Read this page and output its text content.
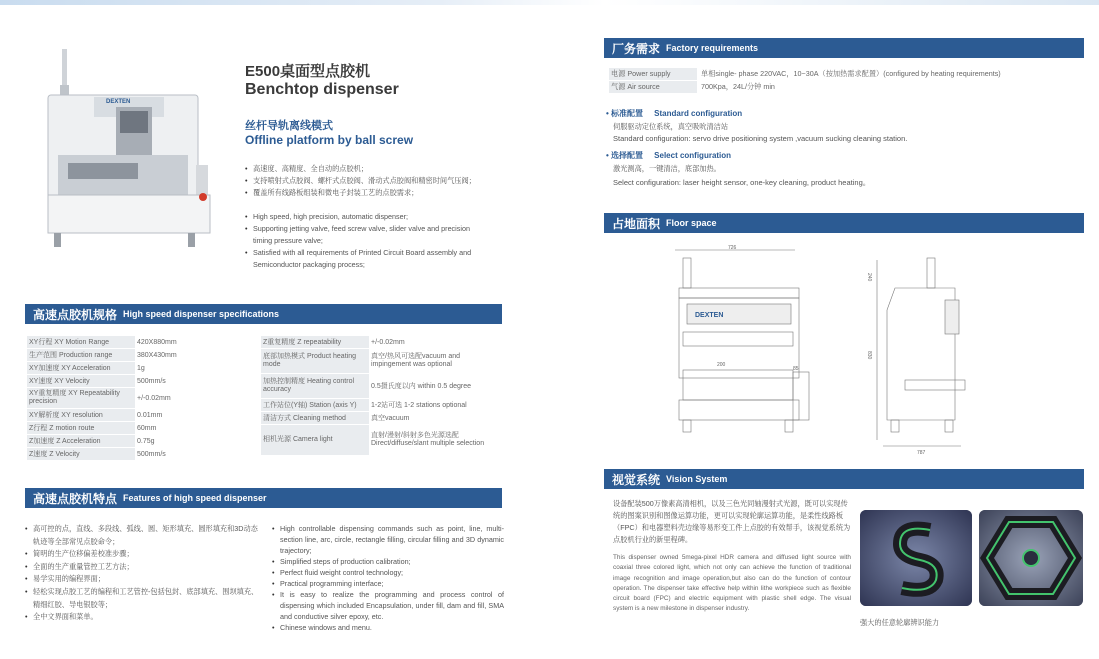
DEXTEN
E500桌面型点胶机
Benchtop dispenser
丝杆导轨离线模式
Offline platform by ball screw
• 高速度、高精度、全自动的点胶机；
• 支持喷射式点胶阀、螺杆式点胶阀、滑动式点胶阀和精密时间气压阀；
• 覆盖所有线路板组装和微电子封装工艺的点胶需求；
• High speed, high precision, automatic dispenser;
• Supporting jetting valve, feed screw valve, slider valve and precision timing pressure valve;
• Satisfied with all requirements of Printed Circuit Board assembly and Semiconductor packaging process;
高速点胶机规格 High speed dispenser specifications
XY行程 XY Motion Range	420X880mm
生产范围 Production range	380X430mm
XY加速度 XY Acceleration	1g
XY速度 XY Velocity	500mm/s
XY重复精度 XY Repeatability precision	+/-0.02mm
XY解析度 XY resolution	0.01mm
Z行程 Z motion route	60mm
Z加速度 Z Acceleration	0.75g
Z速度 Z Velocity	500mm/s
Z重复精度 Z repeatability	+/-0.02mm
底部加热模式 Product heating mode	真空/热风可选配vacuum and impingement was optional
加热控制精度 Heating control accuracy	0.5摄氏度以内 within 0.5 degree
工作站位(Y轴) Station (axis Y)	1-2站可选 1-2 stations optional
清洁方式 Cleaning method	真空vacuum
相机光源 Camera light	直射/漫射/斜射多色光源选配 Direct/diffuse/slant multiple selection
高速点胶机特点 Features of high speed dispenser
• 高可控的点，直线、多段线、弧线、圆、矩形填充、圆形填充和3D动态轨迹等全部常见点胶命令；
• 简明的生产位移偏差校准步骤；
• 全面的生产重量管控工艺方法；
• 易学实用的编程界面；
• 轻松实现点胶工艺的编程和工艺管控-包括包封、底部填充、围坝填充、精细红胶、导电银胶等；
• 全中文界面和菜单。
• High controllable dispensing commands such as point, line, multi-section line, arc, circle, rectangle filling, circular filling and 3D dynamic trajectory;
• Simplified steps of production calibration;
• Perfect fluid weight control technology;
• Practical programming interface;
• It is easy to realize the programming and process control of dispensing which included Encapsulation, under fill, dam and fill, SMA and conductive silver epoxy, etc.
• Chinese windows and menu.
厂务需求 Factory requirements
电源 Power supply	单相single- phase 220VAC，10~30A（按加热需求配置）(configured by heating requirements)
气源 Air source	700Kpa，24L/分钟 min
• 标准配置 Standard configuration
伺服驱动定位系统，真空吸吮清洁站
Standard configuration: servo drive positioning system ,vacuum sucking cleaning station.
• 选择配置 Select configuration
激光测高，一键清洁，底部加热。
Select configuration: laser height sensor, one-key cleaning, product heating。
占地面积 Floor space
726
DEXTEN
200
85
240
830
787
视觉系统 Vision System
设备配装500万像素高清相机，以及三色光同轴漫射式光源，既可以实现传统的图案识别和图像运算功能，更可以实现轮廓运算功能，是柔性线路板（FPC）和电器塑料壳边缘等易形变工件上点胶的有效帮手，该视觉系统为点胶机行业的新里程碑。
This dispenser owned 5mega-pixel HDR camera and diffused light source with coaxial three colored light, which not only can achieve the function of traditional image recognition and image operation,but also can do the function of contour operation. The dispenser take effective help within lithe workpiece such as flexible circuit board (FPC) and electric equipment with plastic shell edge. The visual system is a new milestone in dispenser industry.
强大的任意轮廓辨识能力
